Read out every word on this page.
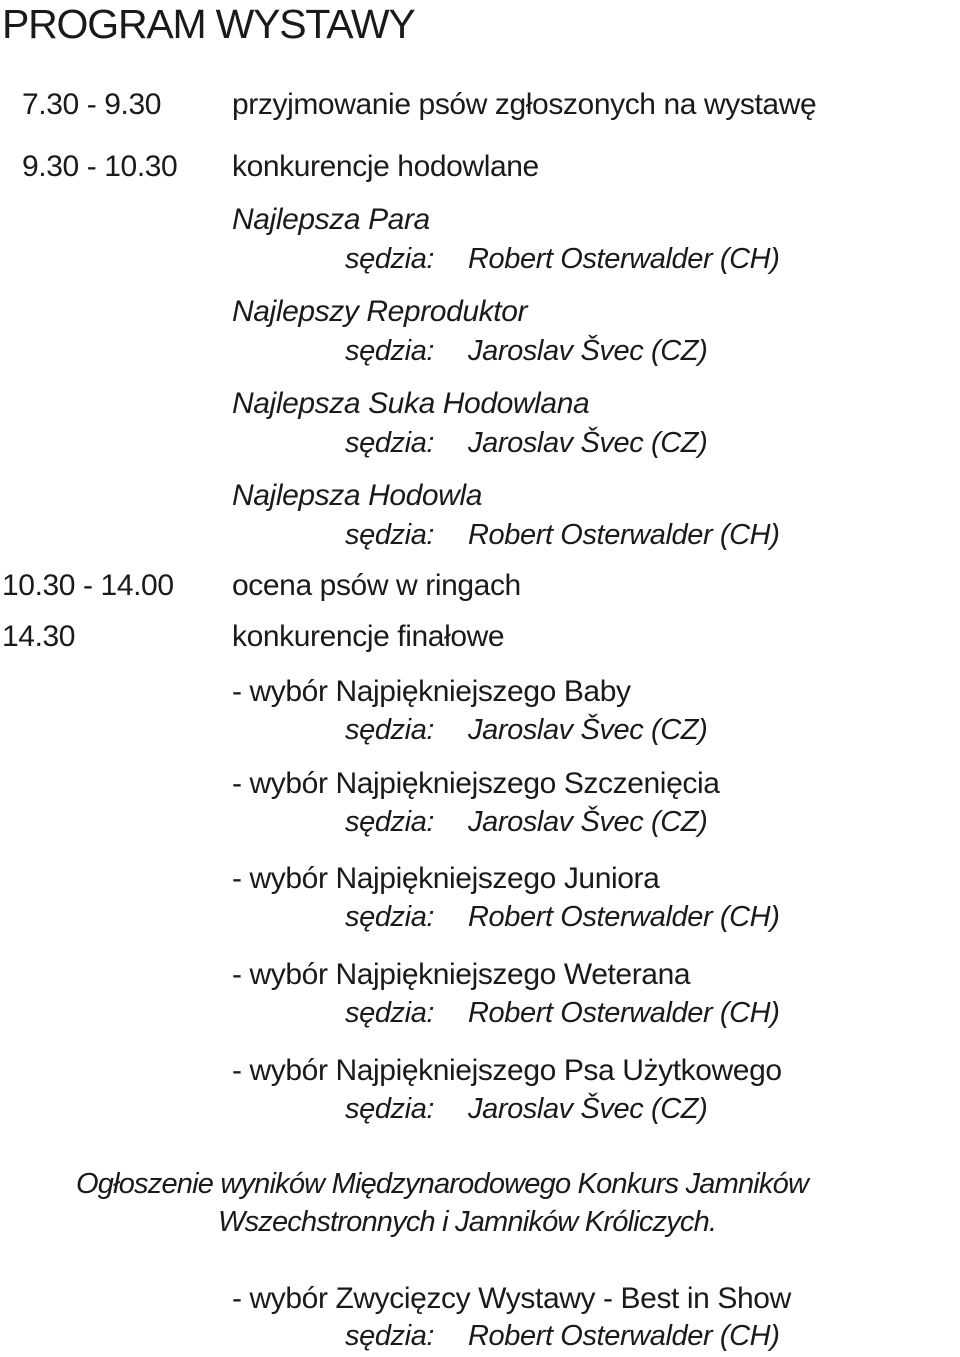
PROGRAM WYSTAWY
7.30 - 9.30 przyjmowanie psów zgłoszonych na wystawę
9.30 - 10.30 konkurencje hodowlane
Najlepsza Para
sędzia: Robert Osterwalder (CH)
Najlepszy Reproduktor
sędzia: Jaroslav Švec (CZ)
Najlepsza Suka Hodowlana
sędzia: Jaroslav Švec (CZ)
Najlepsza Hodowla
sędzia: Robert Osterwalder (CH)
10.30 - 14.00 ocena psów w ringach
14.30	konkurencje finałowe
- wybór Najpiękniejszego Baby
sędzia: Jaroslav Švec (CZ)
- wybór Najpiękniejszego Szczenięcia
sędzia: Jaroslav Švec (CZ)
- wybór Najpiękniejszego Juniora
sędzia: Robert Osterwalder (CH)
- wybór Najpiękniejszego Weterana
sędzia: Robert Osterwalder (CH)
- wybór Najpiękniejszego Psa Użytkowego
sędzia: Jaroslav Švec (CZ)
Ogłoszenie wyników Międzynarodowego Konkurs Jamników
Wszechstronnych i Jamników Króliczych.
- wybór Zwycięzcy Wystawy - Best in Show
sędzia: Robert Osterwalder (CH)
